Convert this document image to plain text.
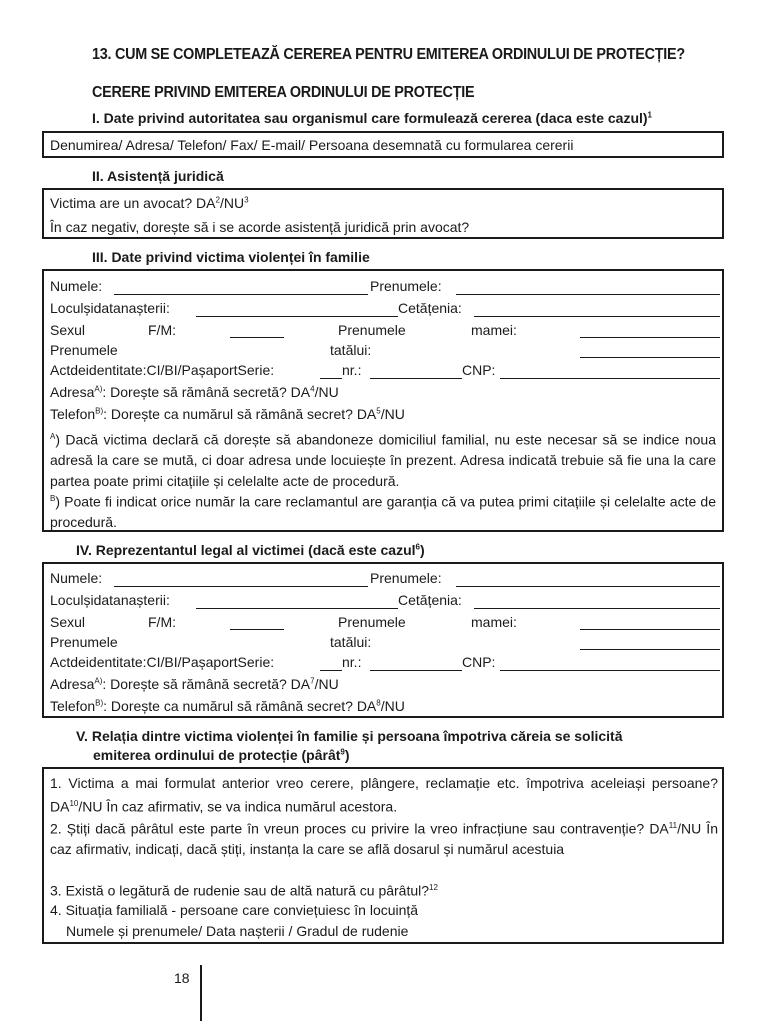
13. CUM SE COMPLETEAZĂ CEREREA PENTRU EMITEREA ORDINULUI DE PROTECȚIE?
CERERE PRIVIND EMITEREA ORDINULUI DE PROTECȚIE
I. Date privind autoritatea sau organismul care formulează cererea (daca este cazul)$^1$
Denumirea/ Adresa/ Telefon/ Fax/ E-mail/ Persoana desemnată cu formularea cererii
II. Asistență juridică
Victima are un avocat? $DA^2/NU^3$
În caz negativ, dorește să i se acorde asistență juridică prin avocat?
III. Date privind victima violenței în familie
Numele:	Prenumele:
Loculșidatanașterii:	Cetățenia:
Sexul	F/M:	Prenumele	mamei:
Prenumele	tatălui:
Actdeidentitate:CI/BI/PașaportSerie:	nr.:	CNP:
Adresa$^{A)}$: Dorește să rămână secretă? $DA^4/NU$
Telefon$^{B)}$: Dorește ca numărul să rămână secret? $DA^5/NU$
$^A$) Dacă victima declară că dorește să abandoneze domiciliul familial, nu este necesar să se indice noua adresă la care se mută, ci doar adresa unde locuiește în prezent. Adresa indicată trebuie să fie una la care partea poate primi citațiile și celelalte acte de procedură.
$^B$) Poate fi indicat orice număr la care reclamantul are garanția că va putea primi citațiile și celelalte acte de procedură.
IV. Reprezentantul legal al victimei (dacă este cazul$^6$)
Numele:	Prenumele:
Loculșidatanașterii:	Cetățenia:
Sexul	F/M:	Prenumele	mamei:
Prenumele	tatălui:
Actdeidentitate:CI/BI/PașaportSerie:	nr.:	CNP:
Adresa$^{A)}$: Dorește să rămână secretă? $DA^7/NU$
Telefon$^{B)}$: Dorește ca numărul să rămână secret? $DA^8/NU$
V. Relația dintre victima violenței în familie și persoana împotriva căreia se solicită
emiterea ordinului de protecție (pârât$^9$)
1. Victima a mai formulat anterior vreo cerere, plângere, reclamație etc. împotriva aceleiași persoane? DA$^{10}$/NU În caz afirmativ, se va indica numărul acestora.
2. Știți dacă pârâtul este parte în vreun proces cu privire la vreo infracțiune sau contravenție? DA$^{11}$/NU În caz afirmativ, indicați, dacă știți, instanța la care se află dosarul și numărul acestuia
3. Există o legătură de rudenie sau de altă natură cu pârâtul?$^{12}$
4. Situația familială - persoane care conviețuiesc în locuință
Numele și prenumele/ Data nașterii / Gradul de rudenie
18
